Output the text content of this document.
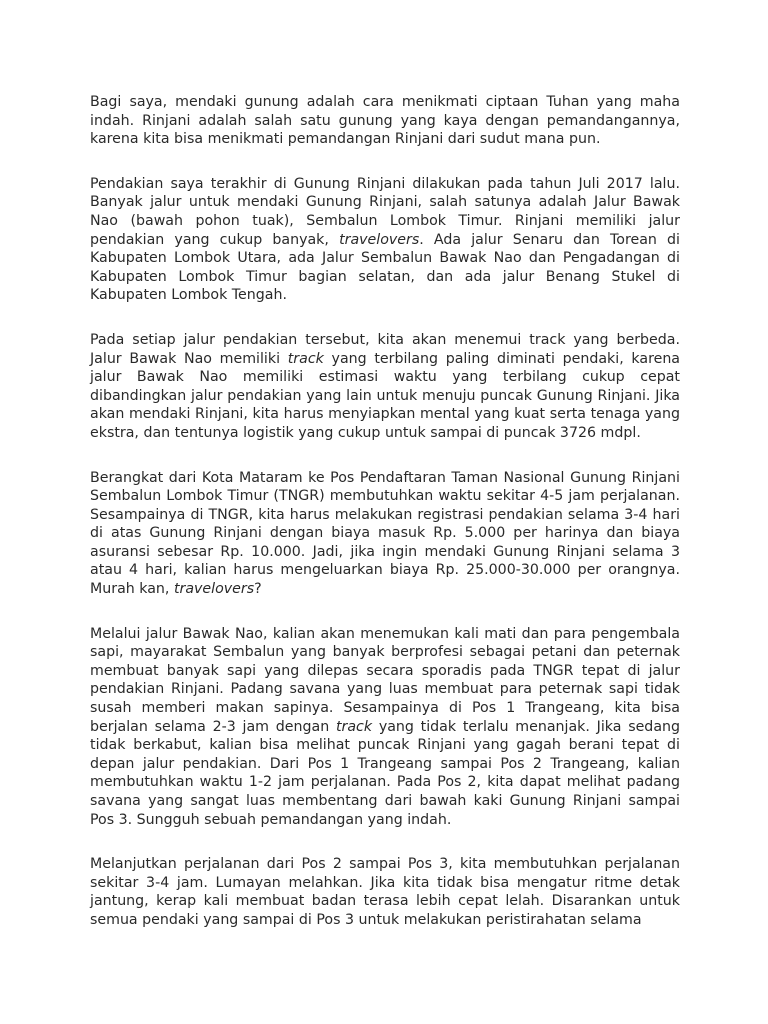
Bagi saya, mendaki gunung adalah cara menikmati ciptaan Tuhan yang maha indah. Rinjani adalah salah satu gunung yang kaya dengan pemandangannya, karena kita bisa menikmati pemandangan Rinjani dari sudut mana pun.

Pendakian saya terakhir di Gunung Rinjani dilakukan pada tahun Juli 2017 lalu. Banyak jalur untuk mendaki Gunung Rinjani, salah satunya adalah Jalur Bawak Nao (bawah pohon tuak), Sembalun Lombok Timur. Rinjani memiliki jalur pendakian yang cukup banyak, travelovers. Ada jalur Senaru dan Torean di Kabupaten Lombok Utara, ada Jalur Sembalun Bawak Nao dan Pengadangan di Kabupaten Lombok Timur bagian selatan, dan ada jalur Benang Stukel di Kabupaten Lombok Tengah.

Pada setiap jalur pendakian tersebut, kita akan menemui track yang berbeda. Jalur Bawak Nao memiliki track yang terbilang paling diminati pendaki, karena jalur Bawak Nao memiliki estimasi waktu yang terbilang cukup cepat dibandingkan jalur pendakian yang lain untuk menuju puncak Gunung Rinjani. Jika akan mendaki Rinjani, kita harus menyiapkan mental yang kuat serta tenaga yang ekstra, dan tentunya logistik yang cukup untuk sampai di puncak 3726 mdpl.

Berangkat dari Kota Mataram ke Pos Pendaftaran Taman Nasional Gunung Rinjani Sembalun Lombok Timur (TNGR) membutuhkan waktu sekitar 4-5 jam perjalanan. Sesampainya di TNGR, kita harus melakukan registrasi pendakian selama 3-4 hari di atas Gunung Rinjani dengan biaya masuk Rp. 5.000 per harinya dan biaya asuransi sebesar Rp. 10.000. Jadi, jika ingin mendaki Gunung Rinjani selama 3 atau 4 hari, kalian harus mengeluarkan biaya Rp. 25.000-30.000 per orangnya. Murah kan, travelovers?

Melalui jalur Bawak Nao, kalian akan menemukan kali mati dan para pengembala sapi, mayarakat Sembalun yang banyak berprofesi sebagai petani dan peternak membuat banyak sapi yang dilepas secara sporadis pada TNGR tepat di jalur pendakian Rinjani. Padang savana yang luas membuat para peternak sapi tidak susah memberi makan sapinya. Sesampainya di Pos 1 Trangeang, kita bisa berjalan selama 2-3 jam dengan track yang tidak terlalu menanjak. Jika sedang tidak berkabut, kalian bisa melihat puncak Rinjani yang gagah berani tepat di depan jalur pendakian. Dari Pos 1 Trangeang sampai Pos 2 Trangeang, kalian membutuhkan waktu 1-2 jam perjalanan. Pada Pos 2, kita dapat melihat padang savana yang sangat luas membentang dari bawah kaki Gunung Rinjani sampai Pos 3. Sungguh sebuah pemandangan yang indah.

Melanjutkan perjalanan dari Pos 2 sampai Pos 3, kita membutuhkan perjalanan sekitar 3-4 jam. Lumayan melahkan. Jika kita tidak bisa mengatur ritme detak jantung, kerap kali membuat badan terasa lebih cepat lelah. Disarankan untuk semua pendaki yang sampai di Pos 3 untuk melakukan peristirahatan selama
